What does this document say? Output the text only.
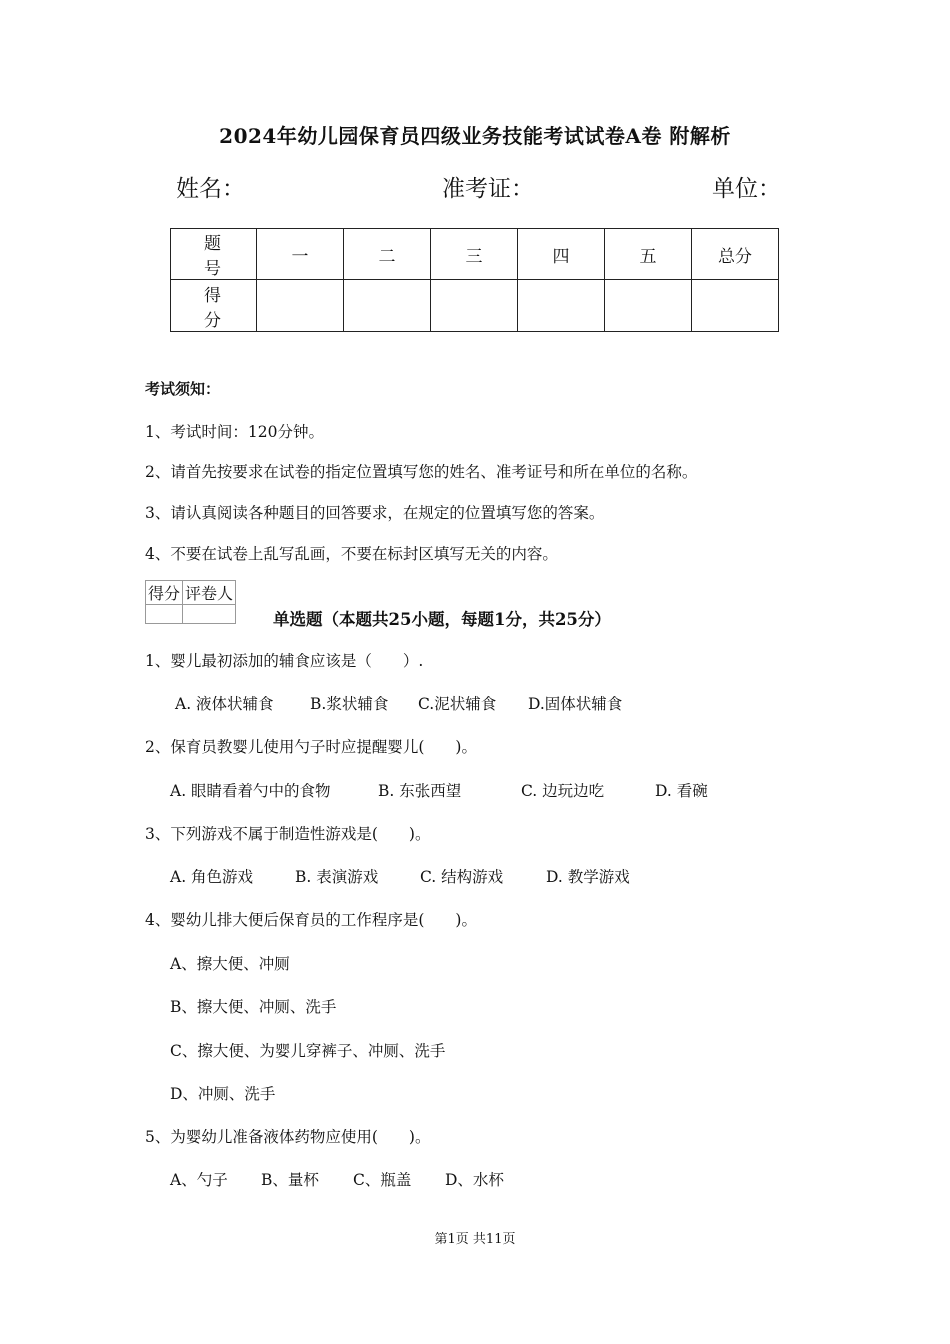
2024年幼儿园保育员四级业务技能考试试卷A卷 附解析
姓名：	准考证：	单位：
题 号	一	二	三	四	五	总分
得 分						
考试须知：
1、考试时间：120分钟。
2、请首先按要求在试卷的指定位置填写您的姓名、准考证号和所在单位的名称。
3、请认真阅读各种题目的回答要求，在规定的位置填写您的答案。
4、不要在试卷上乱写乱画，不要在标封区填写无关的内容。
得分	评卷人

单选题（本题共25小题，每题1分，共25分）
1、婴儿最初添加的辅食应该是（　　）.
A. 液体状辅食 B.浆状辅食 C.泥状辅食 D.固体状辅食
2、保育员教婴儿使用勺子时应提醒婴儿(　　)。
A. 眼睛看着勺中的食物	B. 东张西望	C. 边玩边吃	D. 看碗
3、下列游戏不属于制造性游戏是(　　)。
A. 角色游戏	B. 表演游戏	C. 结构游戏	D. 教学游戏
4、婴幼儿排大便后保育员的工作程序是(　　)。
A、擦大便、冲厕
B、擦大便、冲厕、洗手
C、擦大便、为婴儿穿裤子、冲厕、洗手
D、冲厕、洗手
5、为婴幼儿准备液体药物应使用(　　)。
A、勺子 B、量杯 C、瓶盖 D、水杯
第1页 共11页
